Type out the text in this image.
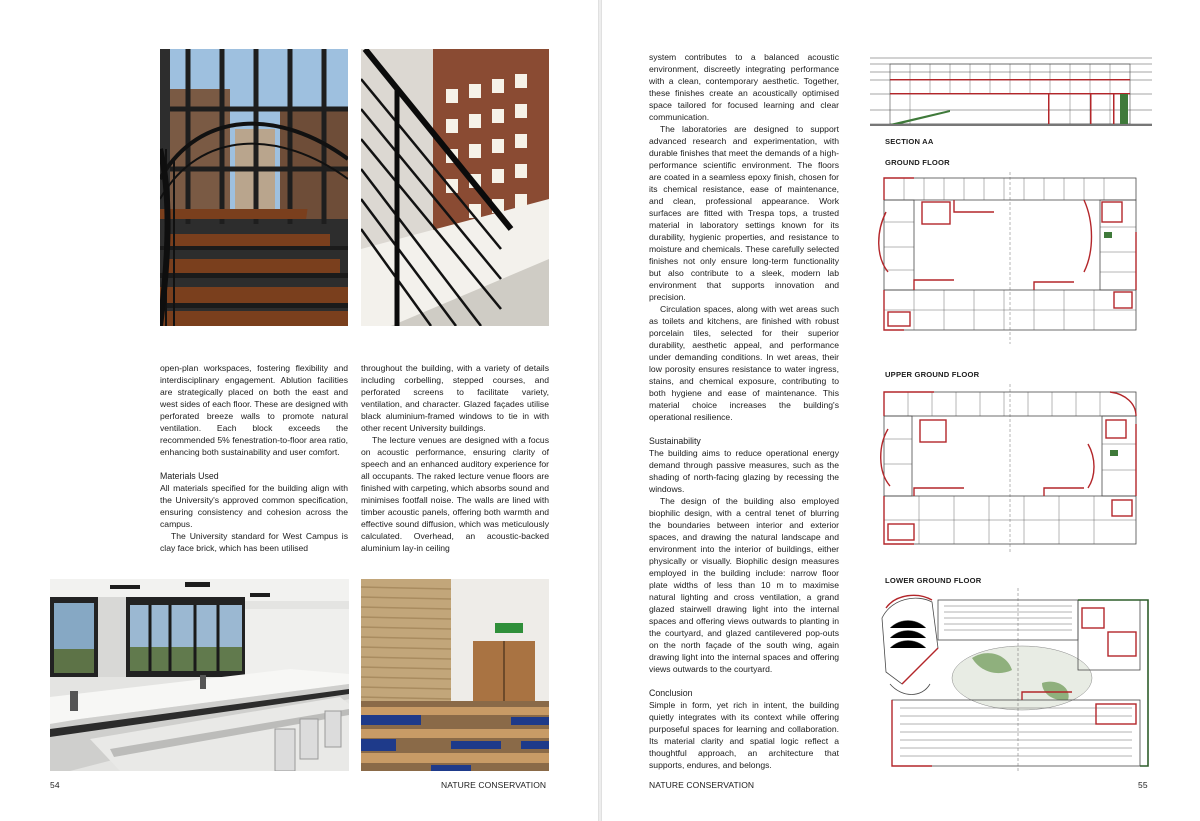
open-plan workspaces, fostering flexibility and interdisciplinary engagement. Ablution facilities are strategically placed on both the east and west sides of each floor. These are designed with perforated breeze walls to promote natural ventilation. Each block exceeds the recommended 5% fenestration-to-floor area ratio, enhancing both sustainability and user comfort.

Materials Used

All materials specified for the building align with the University's approved common specification, ensuring consistency and cohesion across the campus.

The University standard for West Campus is clay face brick, which has been utilised

throughout the building, with a variety of details including corbelling, stepped courses, and perforated screens to facilitate variety, ventilation, and character. Glazed façades utilise black aluminium-framed windows to tie in with other recent University buildings.

The lecture venues are designed with a focus on acoustic performance, ensuring clarity of speech and an enhanced auditory experience for all occupants. The raked lecture venue floors are finished with carpeting, which absorbs sound and minimises footfall noise. The walls are lined with timber acoustic panels, offering both warmth and effective sound diffusion, which was meticulously calculated. Overhead, an acoustic-backed aluminium lay-in ceiling

54	NATURE CONSERVATION

system contributes to a balanced acoustic environment, discreetly integrating performance with a clean, contemporary aesthetic. Together, these finishes create an acoustically optimised space tailored for focused learning and clear communication.

The laboratories are designed to support advanced research and experimentation, with durable finishes that meet the demands of a high-performance scientific environment. The floors are coated in a seamless epoxy finish, chosen for its chemical resistance, ease of maintenance, and clean, professional appearance. Work surfaces are fitted with Trespa tops, a trusted material in laboratory settings known for its durability, hygienic properties, and resistance to moisture and chemicals. These carefully selected finishes not only ensure long-term functionality but also contribute to a sleek, modern lab environment that supports innovation and precision.

Circulation spaces, along with wet areas such as toilets and kitchens, are finished with robust porcelain tiles, selected for their superior durability, aesthetic appeal, and performance under demanding conditions. In wet areas, their low porosity ensures resistance to water ingress, stains, and chemical exposure, contributing to both hygiene and ease of maintenance. This material choice increases the building's operational resilience.

Sustainability

The building aims to reduce operational energy demand through passive measures, such as the shading of north-facing glazing by recessing the windows.

The design of the building also employed biophilic design, with a central tenet of blurring the boundaries between interior and exterior spaces, and drawing the natural landscape and environment into the interior of buildings, either physically or visually. Biophilic design measures employed in the building include: narrow floor plate widths of less than 10 m to maximise natural lighting and cross ventilation, a grand glazed stairwell drawing light into the internal spaces and offering views outwards to planting in the courtyard, and glazed cantilevered pop-outs on the north façade of the south wing, again drawing light into the internal spaces and offering views outwards to the courtyard.

Conclusion

Simple in form, yet rich in intent, the building quietly integrates with its context while offering purposeful spaces for learning and collaboration. Its material clarity and spatial logic reflect a thoughtful approach, an architecture that supports, endures, and belongs.

SECTION AA
GROUND FLOOR
UPPER GROUND FLOOR
LOWER GROUND FLOOR
NATURE CONSERVATION	55
